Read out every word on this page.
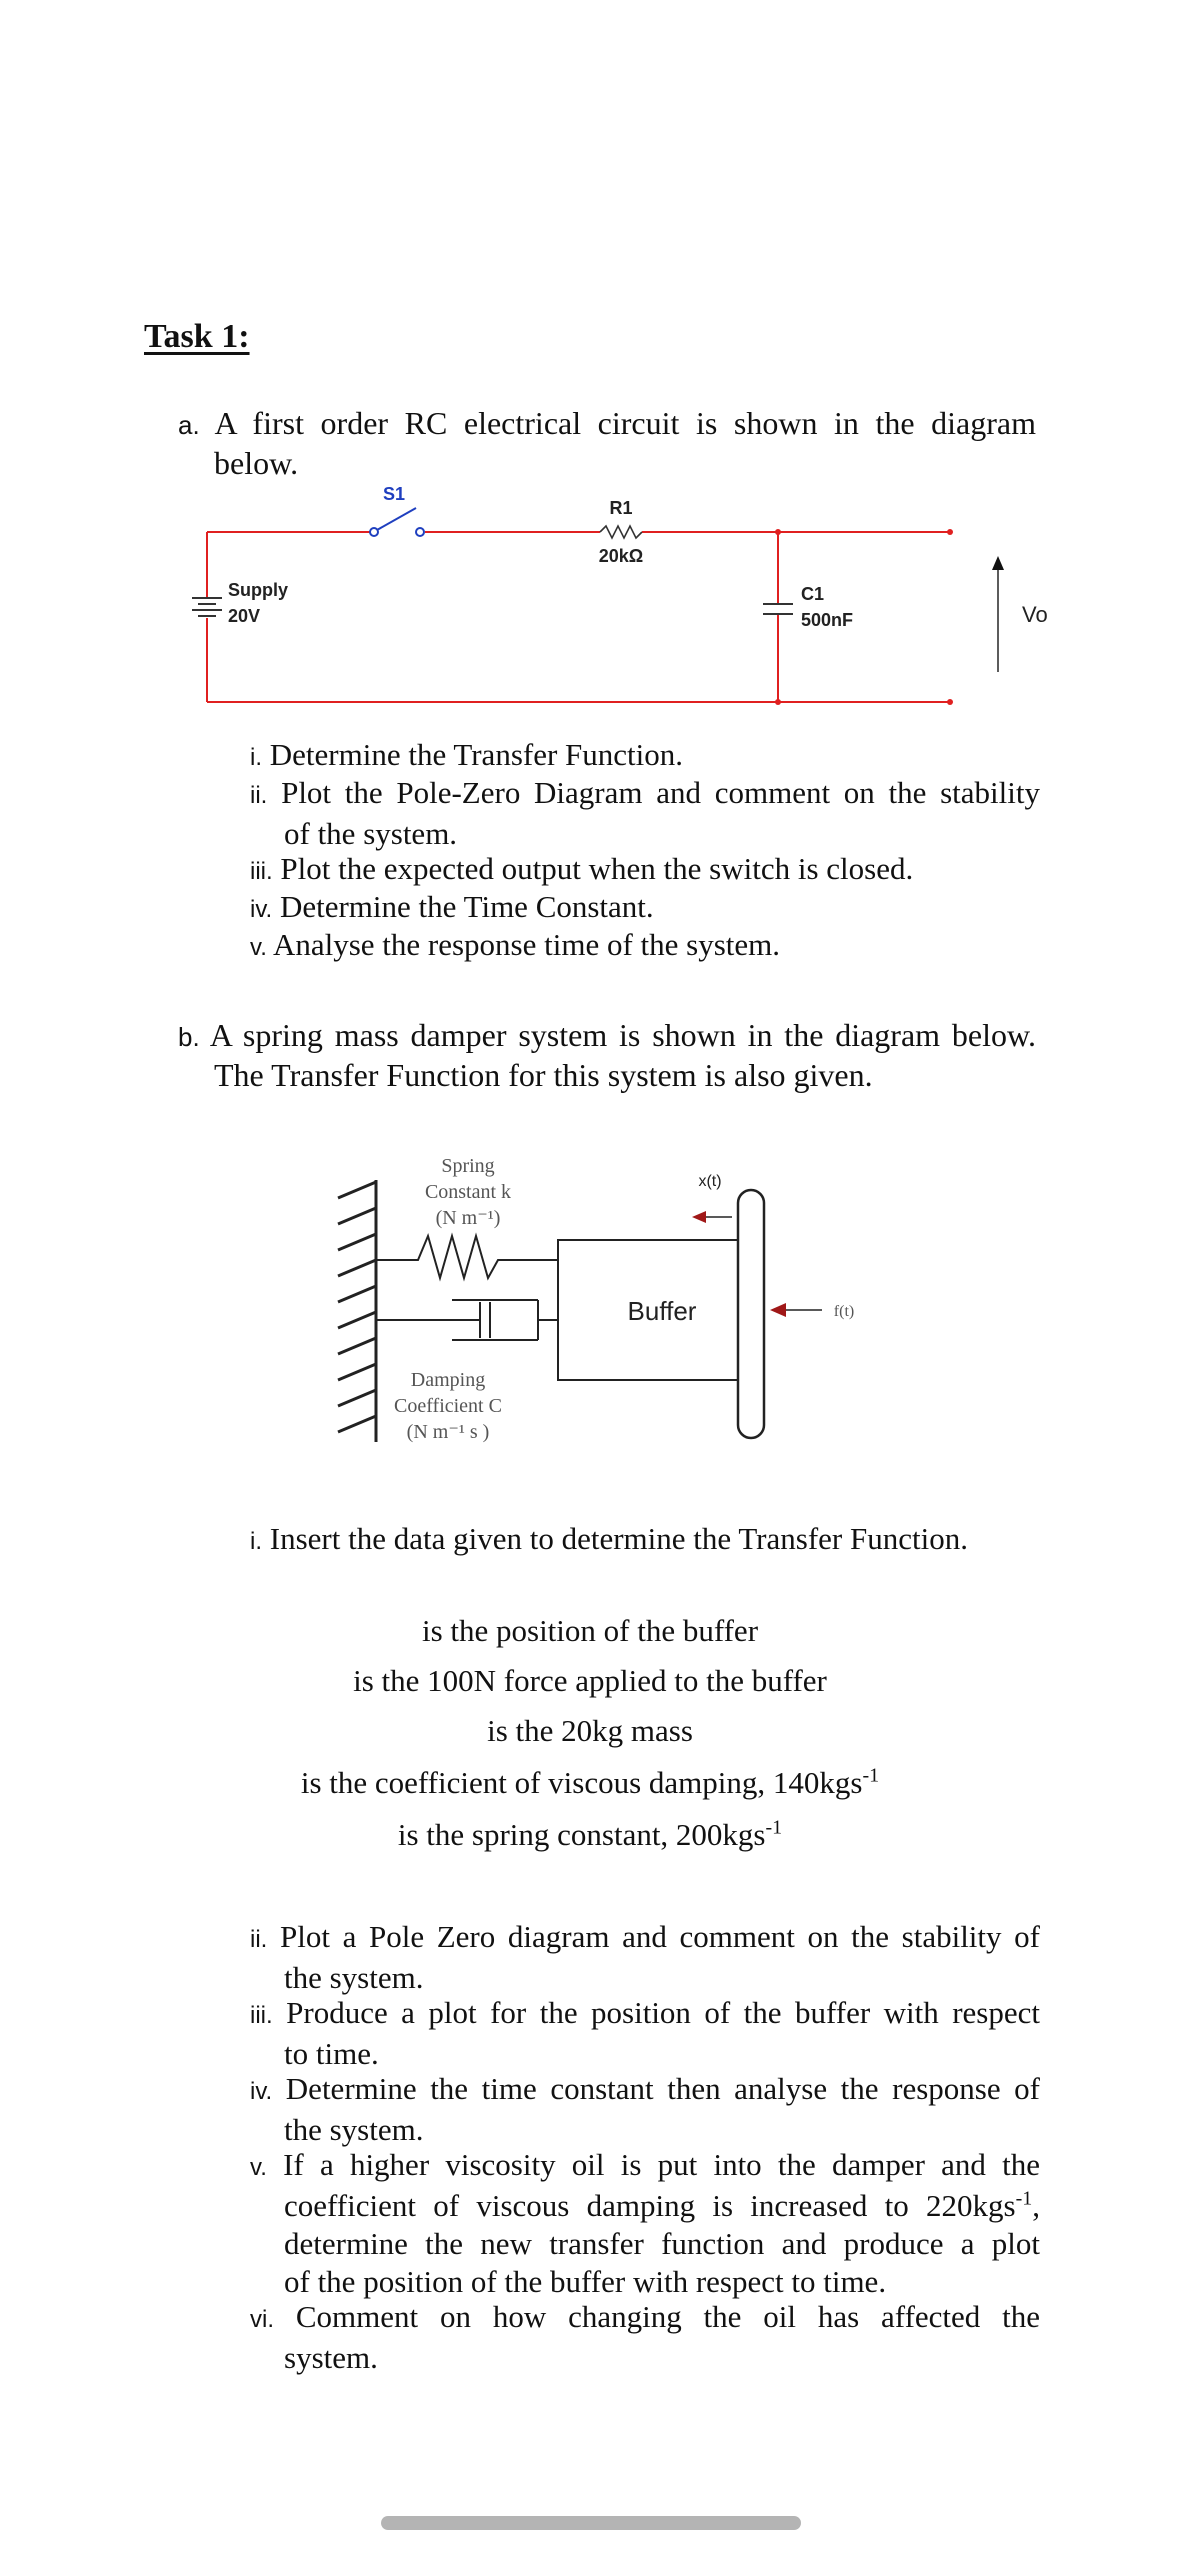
Task 1:
a. A first order RC electrical circuit is shown in the diagram
below.
S1
R1
20kΩ
Supply
20V
C1
500nF	Vo
i. Determine the Transfer Function.
ii. Plot the Pole-Zero Diagram and comment on the stability
of the system.
iii. Plot the expected output when the switch is closed.
iv. Determine the Time Constant.
v. Analyse the response time of the system.
b. A spring mass damper system is shown in the diagram below.
The Transfer Function for this system is also given.
Spring
Constant k
(N m⁻¹)
Damping
Coefficient C
(N m⁻¹ s )
x(t)
Buffer	f(t)
i. Insert the data given to determine the Transfer Function.
is the position of the buffer
is the 100N force applied to the buffer
is the 20kg mass
is the coefficient of viscous damping, 140kgs$^{-1}$
is the spring constant, 200kgs$^{-1}$
ii. Plot a Pole Zero diagram and comment on the stability of
the system.
iii. Produce a plot for the position of the buffer with respect
to time.
iv. Determine the time constant then analyse the response of
the system.
v. If a higher viscosity oil is put into the damper and the
coefficient of viscous damping is increased to 220kgs$^{-1}$,
determine the new transfer function and produce a plot
of the position of the buffer with respect to time.
vi. Comment on how changing the oil has affected the
system.
